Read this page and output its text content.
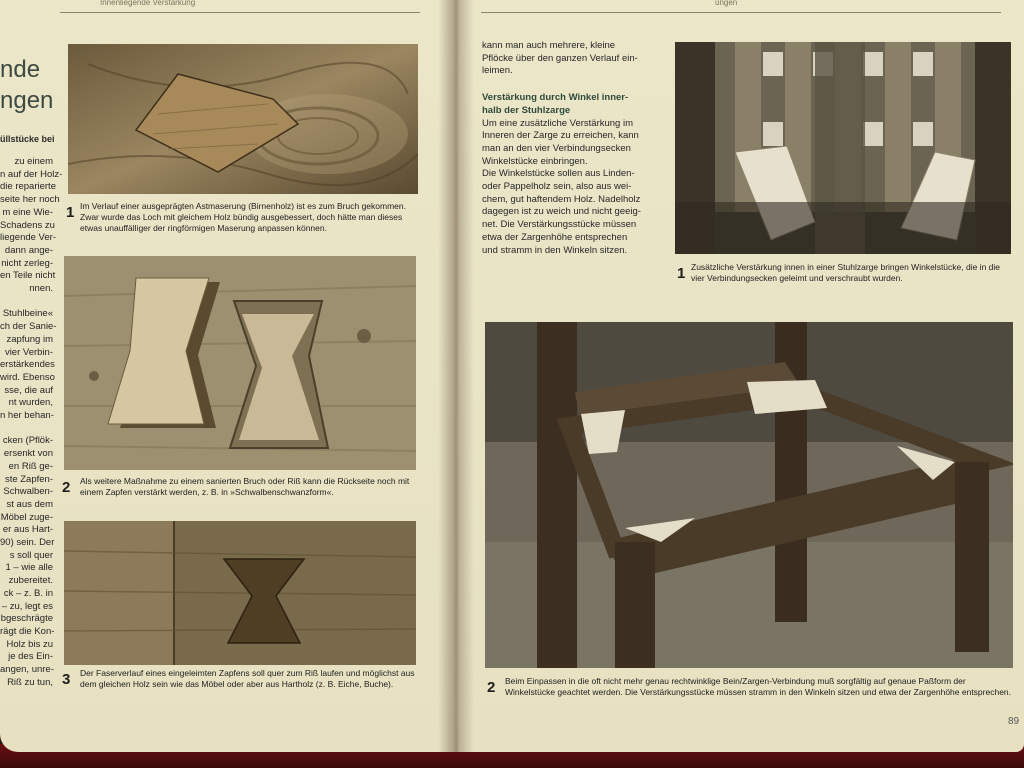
Innenliegende Verstärkung
nde
ngen
üllstücke bei
zu einem
n auf der Holz-
die reparierte
seite her noch
m eine Wie-
Schadens zu
liegende Ver-
dann ange-
nicht zerleg-
en Teile nicht
nnen.
Stuhlbeine«
ch der Sanie-
zapfung im
vier Verbin-
erstärkendes
wird. Ebenso
sse, die auf
nt wurden,
n her behan-
cken (Pflök-
ersenkt von
en Riß ge-
ste Zapfen-
Schwalben-
st aus dem
Möbel zuge-
er aus Hart-
90) sein. Der
s soll quer
1 – wie alle
zubereitet.
ck – z. B. in
– zu, legt es
bgeschrägte
rägt die Kon-
Holz bis zu
je des Ein-
angen, unre-
Riß zu tun,
1 Im Verlauf einer ausgeprägten Astmaserung (Birnenholz) ist es zum Bruch gekommen. Zwar wurde das Loch mit gleichem Holz bündig ausgebessert, doch hätte man dieses etwas unauffälliger der ringförmigen Maserung anpassen können.
2 Als weitere Maßnahme zu einem sanierten Bruch oder Riß kann die Rückseite noch mit einem Zapfen verstärkt werden, z. B. in »Schwalbenschwanzform«.
3 Der Faserverlauf eines eingeleimten Zapfens soll quer zum Riß laufen und möglichst aus dem gleichen Holz sein wie das Möbel oder aber aus Hartholz (z. B. Eiche, Buche).
ungen
kann man auch mehrere, kleine
Pflöcke über den ganzen Verlauf ein-
leimen.
Verstärkung durch Winkel inner-
halb der Stuhlzarge
Um eine zusätzliche Verstärkung im
Inneren der Zarge zu erreichen, kann
man an den vier Verbindungsecken
Winkelstücke einbringen.
Die Winkelstücke sollen aus Linden-
oder Pappelholz sein, also aus wei-
chem, gut haftendem Holz. Nadelholz
dagegen ist zu weich und nicht geeig-
net. Die Verstärkungsstücke müssen
etwa der Zargenhöhe entsprechen
und stramm in den Winkeln sitzen.
1 Zusätzliche Verstärkung innen in einer Stuhlzarge bringen Winkelstücke, die in die vier Verbindungsecken geleimt und verschraubt wurden.
2 Beim Einpassen in die oft nicht mehr genau rechtwinklige Bein/Zargen-Verbindung muß sorgfältig auf genaue Paßform der Winkelstücke geachtet werden. Die Verstärkungsstücke müssen stramm in den Winkeln sitzen und etwa der Zargenhöhe entsprechen.
89
